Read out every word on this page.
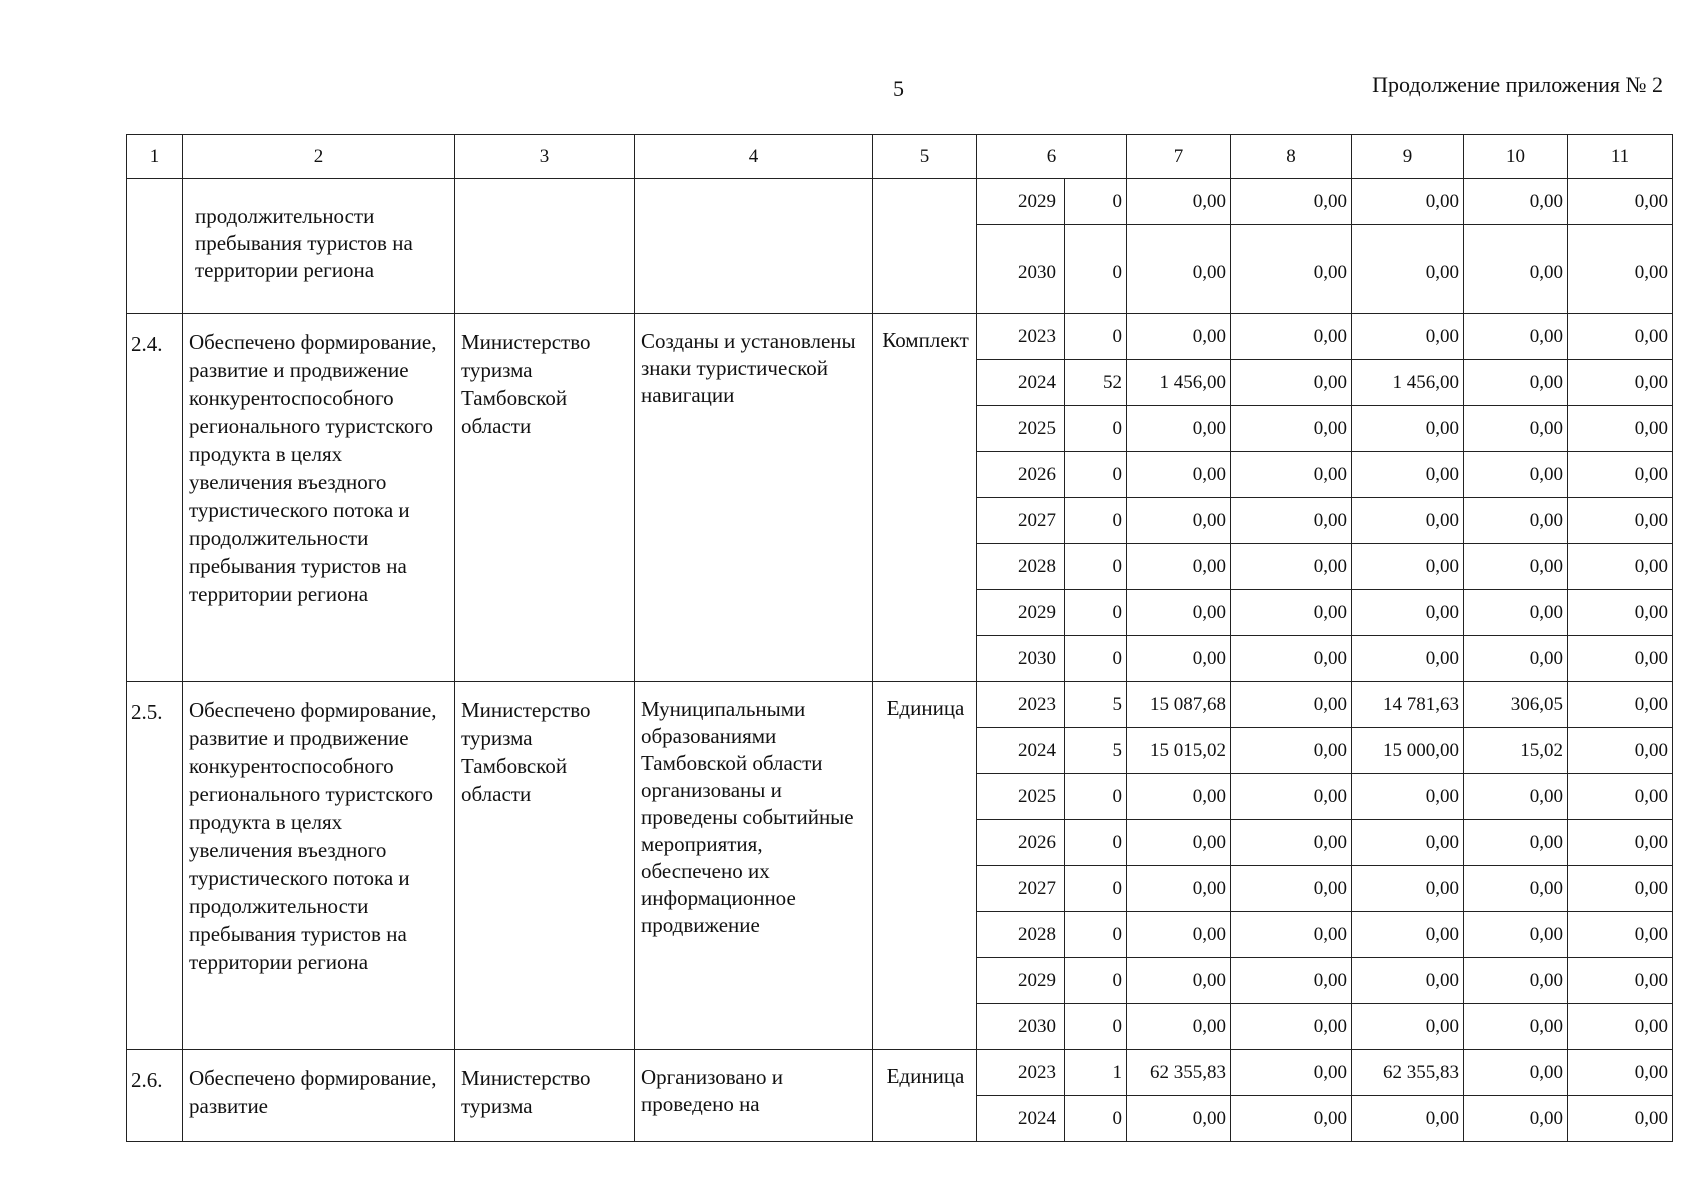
5	Продолжение приложения № 2
1	2	3	4	5	6		7	8	9	10	11

	продолжительности пребывания туристов на территории региона				2029	0	0,00	0,00	0,00	0,00	0,00
					2030	0	0,00	0,00	0,00	0,00	0,00
2.4.	Обеспечено формирование, развитие и продвижение конкурентоспособного регионального туристского продукта в целях увеличения въездного туристического потока и продолжительности пребывания туристов на территории региона	Министерство туризма Тамбовской области	Созданы и установлены знаки туристической навигации	Комплект	2023	0	0,00	0,00	0,00	0,00	0,00
					2024	52	1 456,00	0,00	1 456,00	0,00	0,00
					2025	0	0,00	0,00	0,00	0,00	0,00
					2026	0	0,00	0,00	0,00	0,00	0,00
					2027	0	0,00	0,00	0,00	0,00	0,00
					2028	0	0,00	0,00	0,00	0,00	0,00
					2029	0	0,00	0,00	0,00	0,00	0,00
					2030	0	0,00	0,00	0,00	0,00	0,00
2.5.	Обеспечено формирование, развитие и продвижение конкурентоспособного регионального туристского продукта в целях увеличения въездного туристического потока и продолжительности пребывания туристов на территории региона	Министерство туризма Тамбовской области	Муниципальными образованиями Тамбовской области организованы и проведены событийные мероприятия, обеспечено их информационное продвижение	Единица	2023	5	15 087,68	0,00	14 781,63	306,05	0,00
					2024	5	15 015,02	0,00	15 000,00	15,02	0,00
					2025	0	0,00	0,00	0,00	0,00	0,00
					2026	0	0,00	0,00	0,00	0,00	0,00
					2027	0	0,00	0,00	0,00	0,00	0,00
					2028	0	0,00	0,00	0,00	0,00	0,00
					2029	0	0,00	0,00	0,00	0,00	0,00
					2030	0	0,00	0,00	0,00	0,00	0,00
2.6.	Обеспечено формирование, развитие	Министерство туризма	Организовано и проведено на	Единица	2023	1	62 355,83	0,00	62 355,83	0,00	0,00
					2024	0	0,00	0,00	0,00	0,00	0,00
